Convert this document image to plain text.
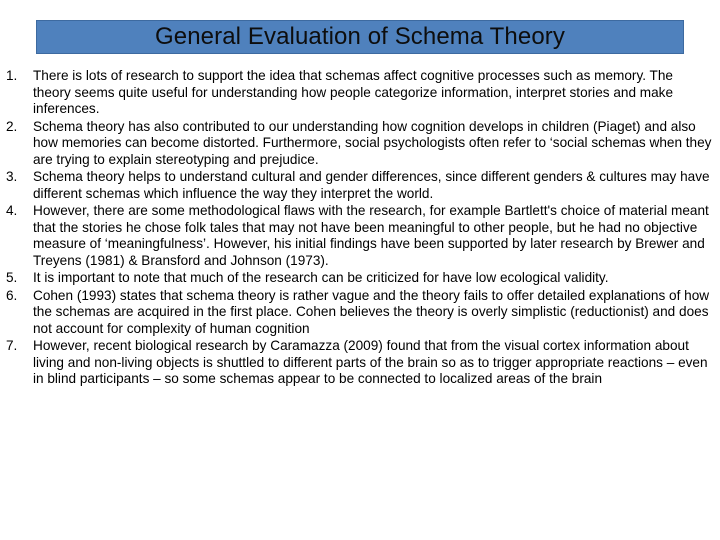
General Evaluation of Schema Theory
1. There is lots of research to support the idea that schemas affect cognitive processes such as memory. The theory seems quite useful for understanding how people categorize information, interpret stories and make inferences.
2. Schema theory has also contributed to our understanding how cognition develops in children (Piaget) and also how memories can become distorted. Furthermore, social psychologists often refer to ‘social schemas when they are trying to explain stereotyping and prejudice.
3. Schema theory helps to understand cultural and gender differences, since different genders & cultures may have different schemas which influence the way they interpret the world.
4. However, there are some methodological flaws with the research, for example Bartlett's choice of material meant that the stories he chose folk tales that may not have been meaningful to other people, but he had no objective measure of ‘meaningfulness’. However, his initial findings have been supported by later research by Brewer and Treyens (1981) & Bransford and Johnson (1973).
5. It is important to note that much of the research can be criticized for have low ecological validity.
6. Cohen (1993) states that schema theory is rather vague and the theory fails to offer detailed explanations of how the schemas are acquired in the first place. Cohen believes the theory is overly simplistic (reductionist) and does not account for complexity of human cognition
7. However, recent biological research by Caramazza (2009) found that from the visual cortex information about living and non-living objects is shuttled to different parts of the brain so as to trigger appropriate reactions – even in blind participants – so some schemas appear to be connected to localized areas of the brain
